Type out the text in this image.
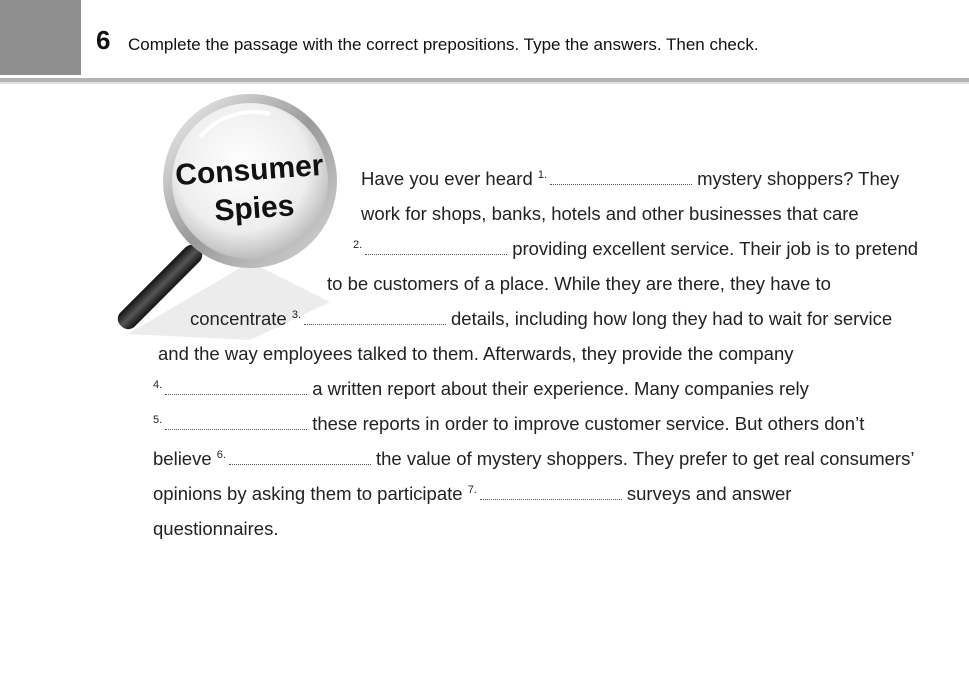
6 Complete the passage with the correct prepositions. Type the answers. Then check.
Consumer
Spies
Have you ever heard $^{1.}$	mystery shoppers? They
work for shops, banks, hotels and other businesses that care
$^{2.}$	providing excellent service. Their job is to pretend
to be customers of a place. While they are there, they have to
concentrate $^{3.}$	details, including how long they had to wait for service
and the way employees talked to them. Afterwards, they provide the company
$^{4.}$	a written report about their experience. Many companies rely
$^{5.}$	these reports in order to improve customer service. But others don’t
believe $^{6.}$	the value of mystery shoppers. They prefer to get real consumers’
opinions by asking them to participate $^{7.}$	surveys and answer
questionnaires.
